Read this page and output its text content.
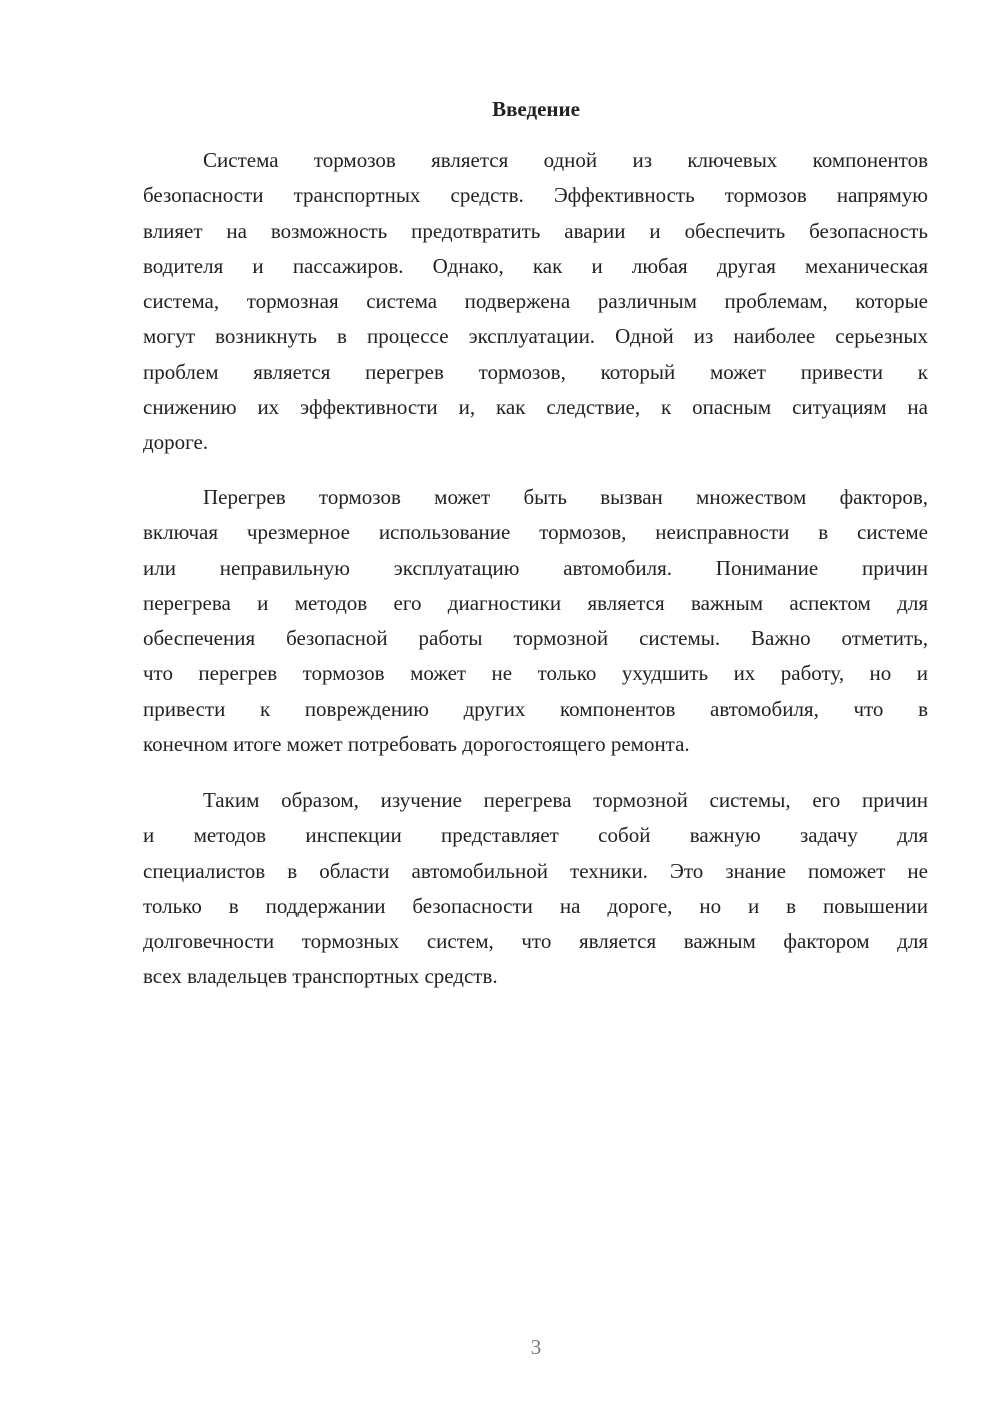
Введение
Система тормозов является одной из ключевых компонентов
безопасности транспортных средств. Эффективность тормозов напрямую
влияет на возможность предотвратить аварии и обеспечить безопасность
водителя и пассажиров. Однако, как и любая другая механическая
система, тормозная система подвержена различным проблемам, которые
могут возникнуть в процессе эксплуатации. Одной из наиболее серьезных
проблем является перегрев тормозов, который может привести к
снижению их эффективности и, как следствие, к опасным ситуациям на
дороге.
Перегрев тормозов может быть вызван множеством факторов,
включая чрезмерное использование тормозов, неисправности в системе
или неправильную эксплуатацию автомобиля. Понимание причин
перегрева и методов его диагностики является важным аспектом для
обеспечения безопасной работы тормозной системы. Важно отметить,
что перегрев тормозов может не только ухудшить их работу, но и
привести к повреждению других компонентов автомобиля, что в
конечном итоге может потребовать дорогостоящего ремонта.
Таким образом, изучение перегрева тормозной системы, его причин
и методов инспекции представляет собой важную задачу для
специалистов в области автомобильной техники. Это знание поможет не
только в поддержании безопасности на дороге, но и в повышении
долговечности тормозных систем, что является важным фактором для
всех владельцев транспортных средств.
3
